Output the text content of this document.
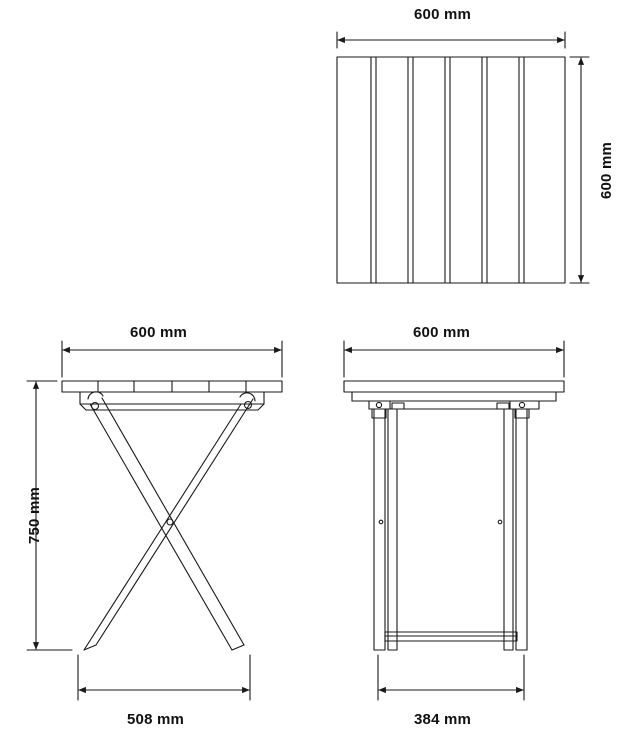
600 mm
600 mm
600 mm
750 mm
508 mm
600 mm
384 mm
